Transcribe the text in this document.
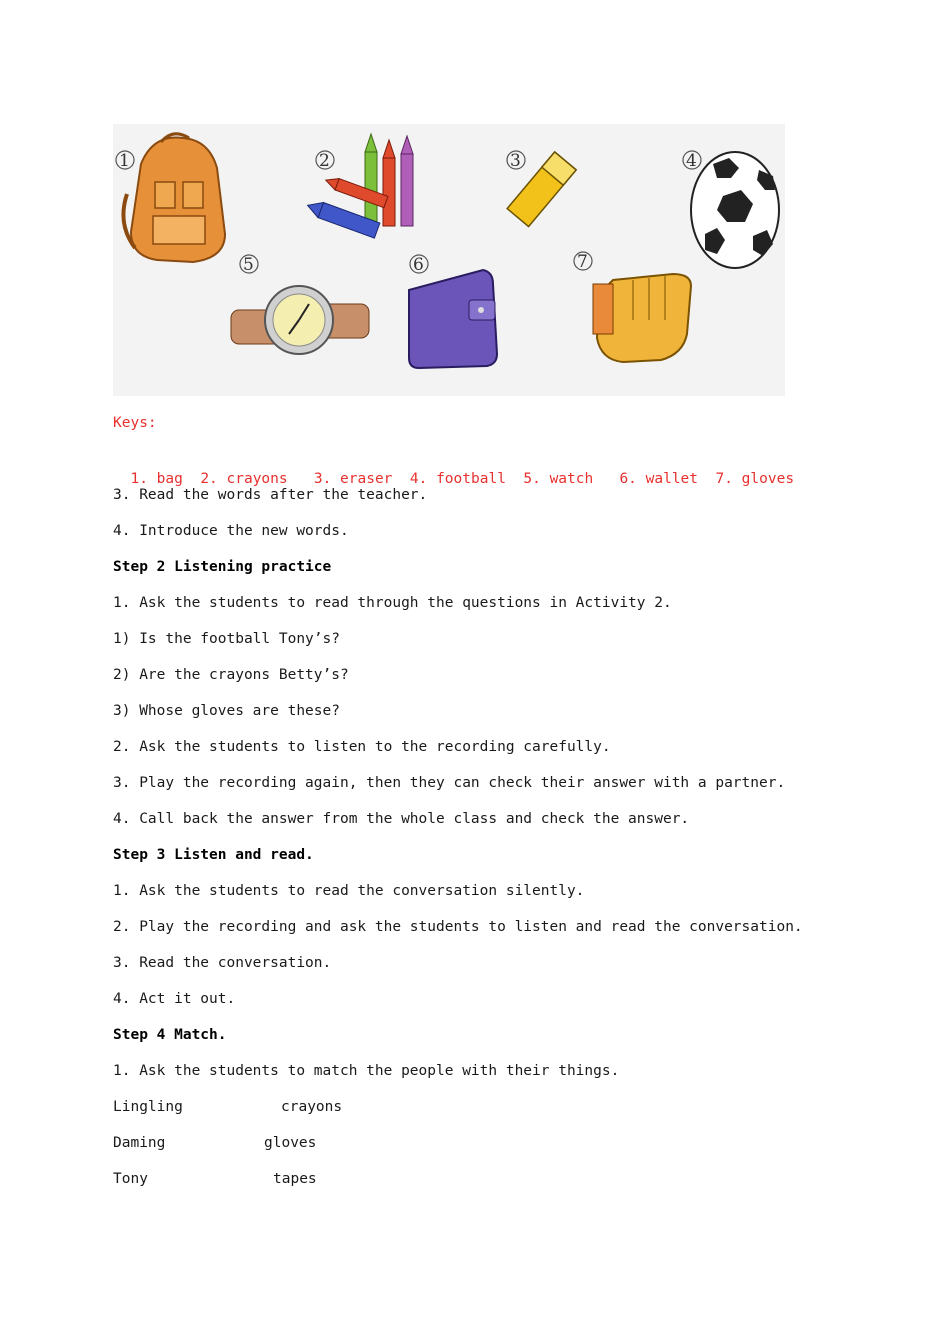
1	2	3	4
5	6	7
Keys:

1. bag 2. crayons 3. eraser 4. football 5. watch 6. wallet 7. gloves

3. Read the words after the teacher.
4. Introduce the new words.
Step 2 Listening practice
1. Ask the students to read through the questions in Activity 2.
1) Is the football Tony’s?
2) Are the crayons Betty’s?
3) Whose gloves are these?
2. Ask the students to listen to the recording carefully.
3. Play the recording again, then they can check their answer with a partner.
4. Call back the answer from the whole class and check the answer.
Step 3 Listen and read.
1. Ask the students to read the conversation silently.
2. Play the recording and ask the students to listen and read the conversation.
3. Read the conversation.
4. Act it out.
Step 4 Match.
1. Ask the students to match the people with their things.
Lingling	crayons
Daming	gloves
Tony	tapes
